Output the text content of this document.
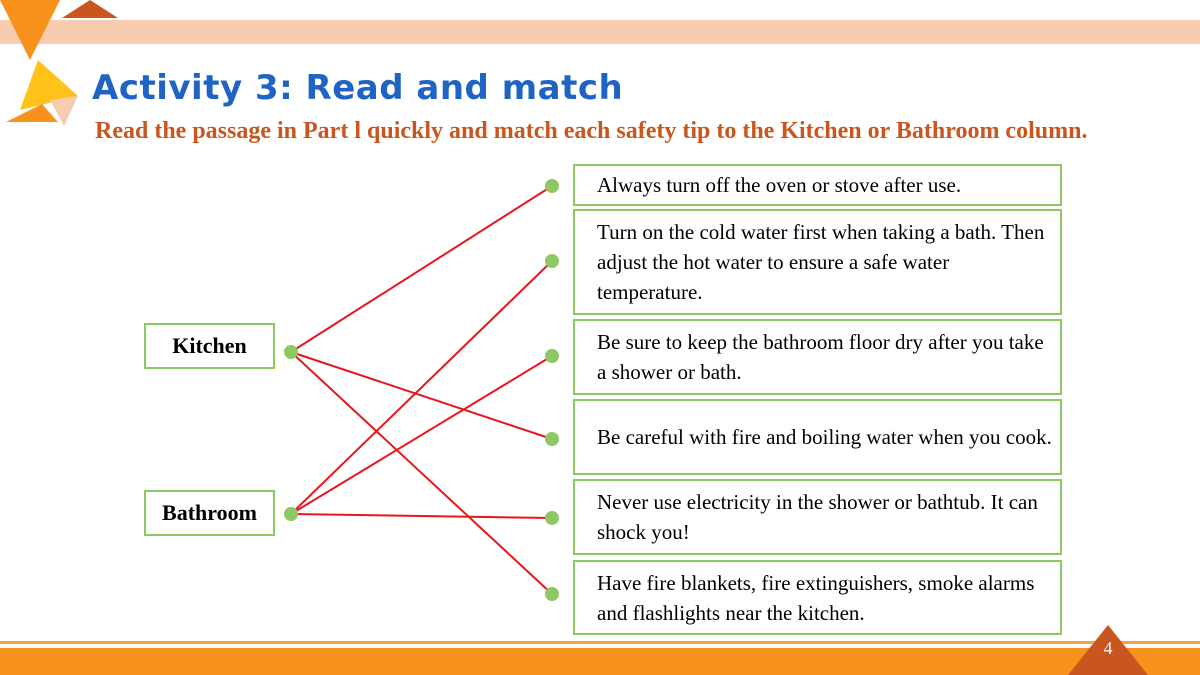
Activity 3: Read and match
Read the passage in Part l quickly and match each safety tip to the Kitchen or Bathroom column.
Kitchen
Bathroom
Always turn off the oven or stove after use.
Turn on the cold water first when taking a bath. Then adjust the hot water to ensure a safe water temperature.
Be sure to keep the bathroom floor dry after you take a shower or bath.
Be careful with fire and boiling water when you cook.
Never use electricity in the shower or bathtub. It can shock you!
Have fire blankets, fire extinguishers, smoke alarms and flashlights near the kitchen.
4
